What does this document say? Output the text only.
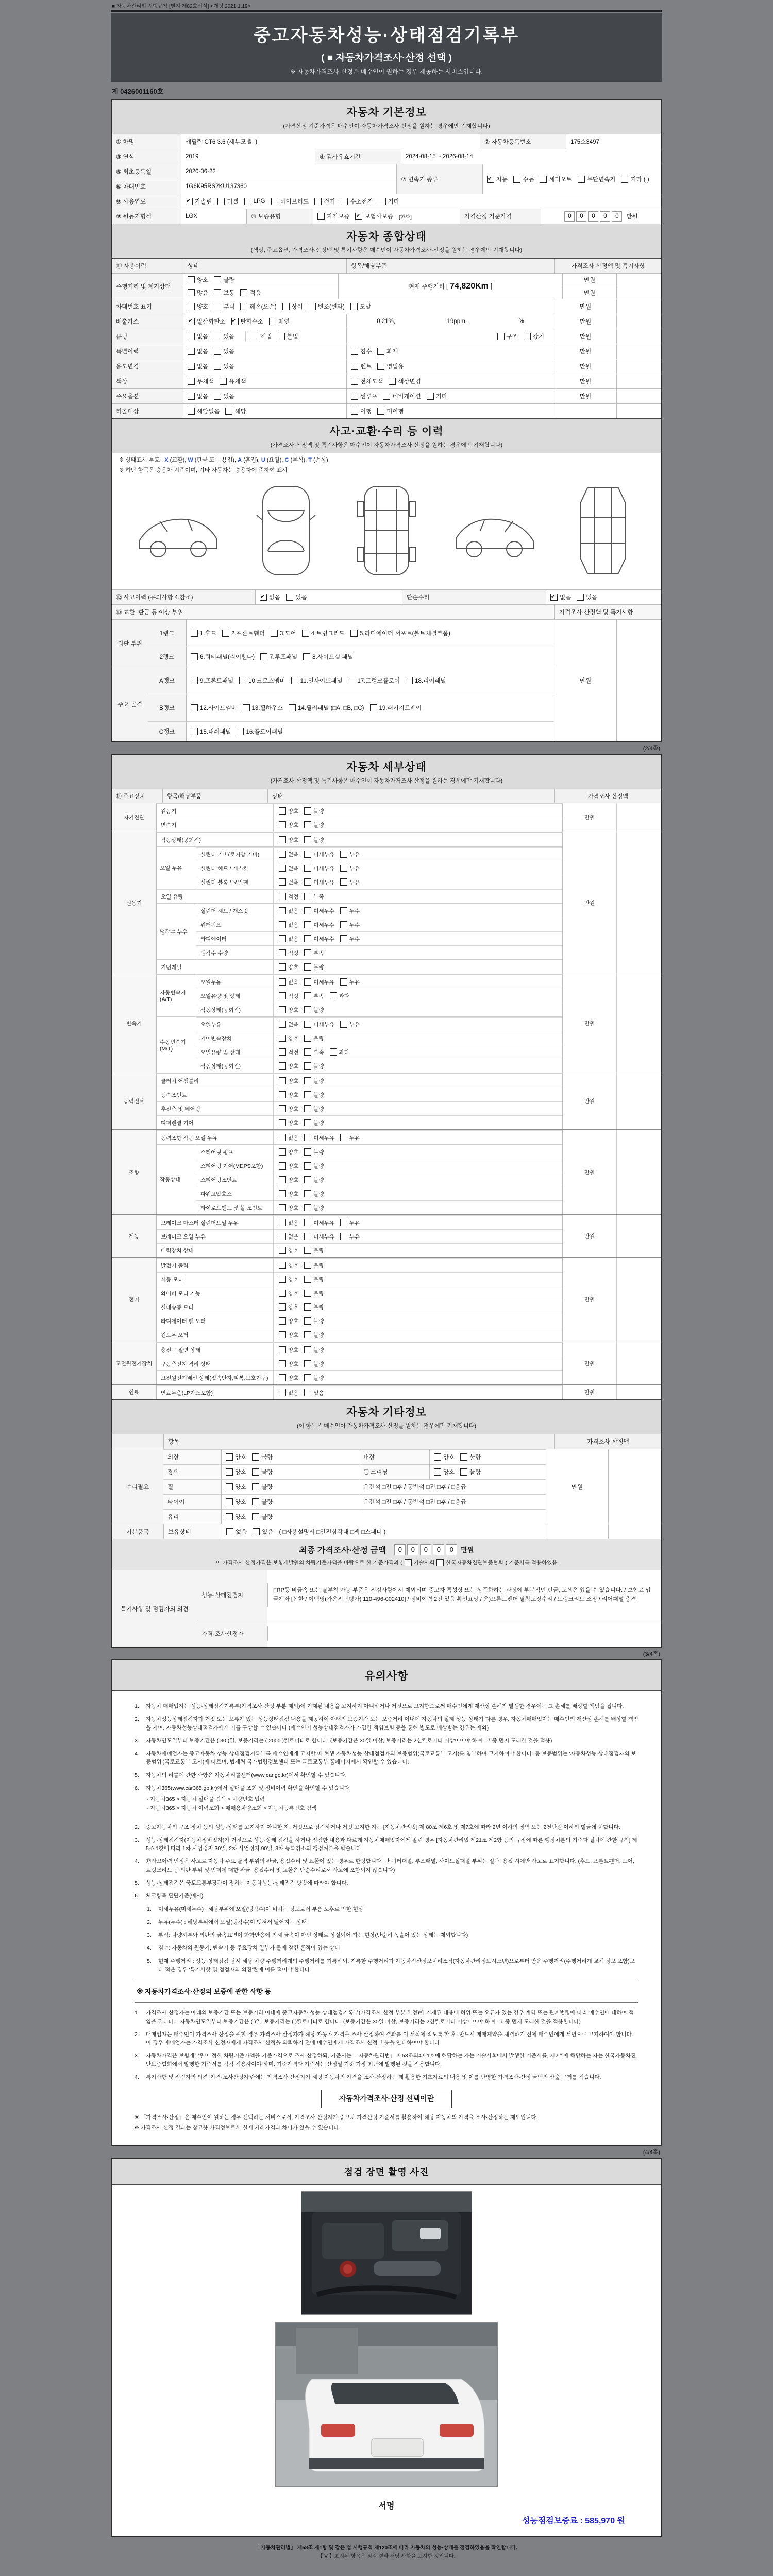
■ 자동차관리법 시행규칙 [별지 제82호서식] <개정 2021.1.19>
중고자동차성능·상태점검기록부
( ■ 자동차가격조사·산정 선택 )
※ 자동차가격조사·산정은 매수인이 원하는 경우 제공하는 서비스입니다.
제 0426001160호
자동차 기본정보
(가격산정 기준가격은 매수인이 자동차가격조사·산정을 원하는 경우에만 기재합니다)
① 차명	캐딜락 CT6 3.6 (세부모델: )	② 자동차등록번호	175소3497
③ 연식	2019	④ 검사유효기간	2024-08-15 ~ 2026-08-14
⑤ 최초등록일	2020-06-22
⑥ 차대번호	1G6K95RS2KU137360
⑦ 변속기 종류 ✔	자동	수동	세미오토	무단변속기	기타 ( )
⑧ 사용연료 ✔	가솔린	디젤	LPG	하이브리드	전기	수소전기	기타
⑨ 원동기형식	LGX	⑩ 보증유형	자가보증 ✔	보험사보증 [한화]	가격산정 기준가격	0	0	0	0	0	만원
자동차 종합상태
(색상, 주요옵션, 가격조사·산정액 및 특기사항은 매수인이 자동차가격조사·산정을 원하는 경우에만 기재합니다)
⑪ 사용이력	상태	항목/해당부품	가격조사·산정액 및 특기사항
주행거리 및 계기상태
양호	불량
많음	보통	적음
현재 주행거리 [ 74,820Km ]
만원
만원
차대번호 표기	양호	부식	훼손(오손)	상이	변조(변타)	도말	만원
배출가스 ✔	일산화탄소 ✔	탄화수소	매연	0.21%,	19ppm,	%	만원
튜닝	없음	있음	적법	불법	구조	장치	만원
특별이력	없음	있음	침수	화재	만원
용도변경	없음	있음	렌트	영업용	만원
색상	무채색	유채색	전체도색	색상변경	만원
주요옵션	없음	있음	썬루프	네비게이션	기타	만원
리콜대상	해당없음	해당	이행	미이행
사고·교환·수리 등 이력
(가격조사·산정액 및 특기사항은 매수인이 자동차가격조사·산정을 원하는 경우에만 기재합니다)
※ 상태표시 부호 : X (교환), W (판금 또는 용접), A (흠집), U (요철), C (부식), T (손상)
※ 하단 항목은 승용차 기준이며, 기타 자동차는 승용차에 준하여 표시
⑫ 사고이력 (유의사항 4.참조) ✔	없음	있음	단순수리 ✔	없음	있음
⑬ 교환, 판금 등 이상 부위	가격조사·산정액 및 특기사항
외판 부위
1랭크	1.후드	2.프론트휀더	3.도어	4.트렁크리드	5.라디에이터 서포트(볼트체결부품)
2랭크	6.쿼터패널(리어휀다)	7.루프패널	8.사이드실 패널
주요 골격
A랭크	9.프론트패널	10.크로스멤버	11.인사이드패널	17.트렁크플로어	18.리어패널
B랭크	12.사이드멤버	13.휠하우스	14.필러패널 (□A, □B, □C)	19.패키지트레이
C랭크	15.대쉬패널	16.플로어패널
만원
(2/4쪽)
자동차 세부상태
(가격조사·산정액 및 특기사항은 매수인이 자동차가격조사·산정을 원하는 경우에만 기재합니다)
⑭ 주요장치	항목/해당부품	상태	가격조사·산정액
자기진단
원동기	양호	불량
변속기	양호	불량
만원
원동기
작동상태(공회전)	양호	불량
오일 누유
실린더 커버(로커암 커버)	없음	미세누유	누유
실린더 헤드 / 개스킷	없음	미세누유	누유
실린더 블록 / 오일팬	없음	미세누유	누유
오일 유량	적정	부족
냉각수 누수
실린더 헤드 / 개스킷	없음	미세누수	누수
워터펌프	없음	미세누수	누수
라디에이터	없음	미세누수	누수
냉각수 수량	적정	부족
커먼레일	양호	불량
만원
변속기
자동변속기 (A/T)
오일누유	없음	미세누유	누유
오일유량 및 상태	적정	부족	과다
작동상태(공회전)	양호	불량
수동변속기 (M/T)
오일누유	없음	미세누유	누유
기어변속장치	양호	불량
오일유량 및 상태	적정	부족	과다
작동상태(공회전)	양호	불량
만원
동력전달
클러치 어셈블리	양호	불량
등속조인트	양호	불량
추진축 및 베어링	양호	불량
디퍼렌셜 기어	양호	불량
만원
조향
동력조향 작동 오일 누유	없음	미세누유	누유
작동상태
스티어링 펌프	양호	불량
스티어링 기어(MDPS포함)	양호	불량
스티어링조인트	양호	불량
파워고압호스	양호	불량
타이로드엔드 및 볼 조인트	양호	불량
만원
제동
브레이크 마스터 실린더오일 누유	없음	미세누유	누유
브레이크 오일 누유	없음	미세누유	누유
배력장치 상태	양호	불량
만원
전기
발전기 출력	양호	불량
시동 모터	양호	불량
와이퍼 모터 기능	양호	불량
실내송풍 모터	양호	불량
라디에이터 팬 모터	양호	불량
윈도우 모터	양호	불량
만원
고전원전기장치
충전구 절연 상태	양호	불량
구동축전지 격리 상태	양호	불량
고전원전기배선 상태(접속단자,피복,보호기구)	양호	불량
만원
연료	연료누출(LP가스포함)	없음	있음	만원
자동차 기타정보
(이 항목은 매수인이 자동차가격조사·산정을 원하는 경우에만 기재합니다)
항목	가격조사·산정액
수리필요
외장	양호	불량	내장	양호	불량
광택	양호	불량	룸 크리닝	양호	불량
휠	양호	불량	운전석 □전 □후 / 동반석 □전 □후 / □응급
타이어	양호	불량	운전석 □전 □후 / 동반석 □전 □후 / □응급
유리	양호	불량
만원
기본품목	보유상태	없음	있음 ( □사용설명서 □안전삼각대 □잭 □스패너 )
최종 가격조사·산정 금액	0	0	0	0	0	만원
이 가격조사·산정가격은 보험개발원의 차량기준가액을 바탕으로 한 기준가격과 ( 기술사회 한국자동차진단보증협회 ) 기준서를 적용하였음
특기사항 및 점검자의 의견
성능·상태점검자
FRP등 비금속 또는 탈부착 가능 부품은 점검사항에서 제외되며 중고차 특성상 또는 상품화하는 과정에 부분적인 판금, 도색은 있을 수 있습니다. / 보험료 입금계좌 [신한 / 이택영(가온진단평가) 110-496-002410] / 정비이력 2건 있음 확인요망 / 운)프론트펜더 탈착도장수리 / 트렁크리드 조정 / 리어패널 충격
가격·조사산정자
(3/4쪽)
유의사항
1.	자동차 매매업자는 성능·상태점검기록부(가격조사·산정 부분 제외)에 기재된 내용을 고지하지 아니하거나 거짓으로 고지함으로써 매수인에게 재산상 손해가 발생한 경우에는 그 손해를 배상할 책임을 집니다.
2.	자동차성능상태점검자가 거짓 또는 오류가 있는 성능상태점검 내용을 제공하여 아래의 보증기간 또는 보증거리 이내에 자동차의 실제 성능·상태가 다른 경우, 자동차매매업자는 매수인의 재산상 손해를 배상할 책임을 지며, 자동차성능상태점검자에게 이를 구상할 수 있습니다.(매수인이 성능상태점검자가 가입한 책임보험 등을 통해 별도로 배상받는 경우는 제외)
3.	자동차인도일부터 보증기간은 ( 30 )일, 보증거리는 ( 2000 )킬로미터로 합니다. (보증기간은 30일 이상, 보증거리는 2천킬로미터 이상이어야 하며, 그 중 먼저 도래한 것을 적용)
4.	자동차매매업자는 중고자동차 성능·상태점검기록부를 매수인에게 고지할 때 현행 자동차성능·상태점검자의 보증범위(국토교통부 고시)를 첨부하여 고지하여야 합니다. 동 보증범위는 '자동차성능·상태점검자의 보증범위'(국토교통부 고시)에 따르며, 법제처 국가법령정보센터 또는 국토교통부 홈페이지에서 확인할 수 있습니다.
5.	자동차의 리콜에 관한 사항은 자동차리콜센터(www.car.go.kr)에서 확인할 수 있습니다.
6.	자동차365(www.car365.go.kr)에서 실매물 조회 및 정비이력 확인을 확인할 수 있습니다.
- 자동차365 > 자동차 실매물 검색 > 차량번호 입력
- 자동차365 > 자동차 이력조회 > 매매용차량조회 > 자동차등록번호 검색
2.	중고자동차의 구조·장치 등의 성능·상태를 고지하지 아니한 자, 거짓으로 점검하거나 거짓 고지한 자는 [자동차관리법] 제 80조 제6호 및 제7호에 따라 2년 이하의 징역 또는 2천만원 이하의 벌금에 처합니다.
3.	성능·상태점검자(자동차정비업자)가 거짓으로 성능·상태 점검을 하거나 점검한 내용과 다르게 자동차매매업자에게 알린 경우 [자동차관리법 제21조 제2항 등의 규정에 따른 행정처분의 기준과 절차에 관한 규칙] 제5조 1항에 따라 1차 사업정지 30일, 2차 사업정지 90일, 3차 등록취소의 행정처분을 받습니다.
4.	⑫사고이력 인정은 사고로 자동차 주요 골격 부위의 판금, 용접수리 및 교환이 있는 경우로 한정합니다. 단 쿼터패널, 루프패널, 사이드실패널 부위는 절단, 용접 시에만 사고로 표기합니다. (후드, 프론트펜더, 도어, 트렁크리드 등 외판 부위 및 범퍼에 대한 판금, 용접수리 및 교환은 단순수리로서 사고에 포함되지 않습니다)
5.	성능·상태점검은 국토교통부장관이 정하는 자동차성능·상태점검 방법에 따라야 합니다.
6.	체크항목 판단기준(예시)
1.	미세누유(미세누수) : 해당부위에 오일(냉각수)이 비치는 정도로서 부품 노후로 인한 현상
2.	누유(누수) : 해당부위에서 오일(냉각수)이 맺혀서 떨어지는 상태
3.	부식: 차량하부와 외판의 금속표면이 화학반응에 의해 금속이 아닌 상태로 상실되어 가는 현상(단순히 녹슬어 있는 상태는 제외합니다)
4.	침수: 자동차의 원동기, 변속기 등 주요장치 일부가 물에 잠긴 흔적이 있는 상태
5.	현재 주행거리 : 성능·상태점검 당시 해당 차량 주행거리계의 주행거리를 기록하되, 기록한 주행거리가 자동차전산정보처리조직(자동차관리정보시스템)으로부터 받은 주행거리(주행거리계 교체 정보 포함)보다 적은 경우 '특기사항 및 점검자의 의견'란에 이를 적어야 합니다.
※ 자동차가격조사·산정의 보증에 관한 사항 등
1.	가격조사·산정자는 아래의 보증기간 또는 보증거리 이내에 중고자동차 성능·상태점검기록부(가격조사·산정 부분 한정)에 기재된 내용에 허위 또는 오류가 있는 경우 계약 또는 관계법령에 따라 매수인에 대하여 책임을 집니다. · 자동차인도일부터 보증기간은 ( )일, 보증거리는 ( )킬로미터로 합니다. (보증기간은 30일 이상, 보증거리는 2천킬로미터 이상이어야 하며, 그 중 먼저 도래한 것을 적용합니다)
2.	매매업자는 매수인이 가격조사·산정을 원할 경우 가격조사·산정자가 해당 자동차 가격을 조사·산정하여 결과를 이 서식에 적도록 한 후, 반드시 매매계약을 체결하기 전에 매수인에게 서면으로 고지하여야 합니다. 이 경우 매매업자는 가격조사·산정자에게 가격조사·산정을 의뢰하기 전에 매수인에게 가격조사·산정 비용을 안내하여야 합니다.
3.	자동차가격은 보험개발원이 정한 차량기준가액을 기준가격으로 조사·산정하되, 기준서는 「자동차관리법」 제58조의4제1호에 해당하는 자는 기술사회에서 발행한 기준서를, 제2호에 해당하는 자는 한국자동차진단보증협회에서 발행한 기준서를 각각 적용하여야 하며, 기준가격과 기준서는 산정일 기준 가장 최근에 발행된 것을 적용합니다.
4.	특기사항 및 점검자의 의견 '가격·조사산정자'란에는 가격조사·산정자가 해당 자동차의 가격을 조사·산정하는 데 활용한 기초자료의 내용 및 이를 반영한 가격조사·산정 금액의 산출 근거를 적습니다.
자동차가격조사·산정 선택이란
※ 「가격조사·산정」은 매수인이 원하는 경우 선택하는 서비스로서, 가격조사·산정자가 중고차 가격산정 기준서를 활용하여 해당 자동차의 가격을 조사·산정하는 제도입니다.
※ 가격조사·산정 결과는 참고용 가격정보로서 실제 거래가격과 차이가 있을 수 있습니다.
(4/4쪽)
점검 장면 촬영 사진
서명
성능점검보증료 : 585,970 원
「자동차관리법」 제58조 제1항 및 같은 법 시행규칙 제120조에 따라 자동차의 성능·상태를 점검하였음을 확인합니다.
【 V 】표시된 항목은 점검 결과 해당 사항을 표시한 것입니다.
